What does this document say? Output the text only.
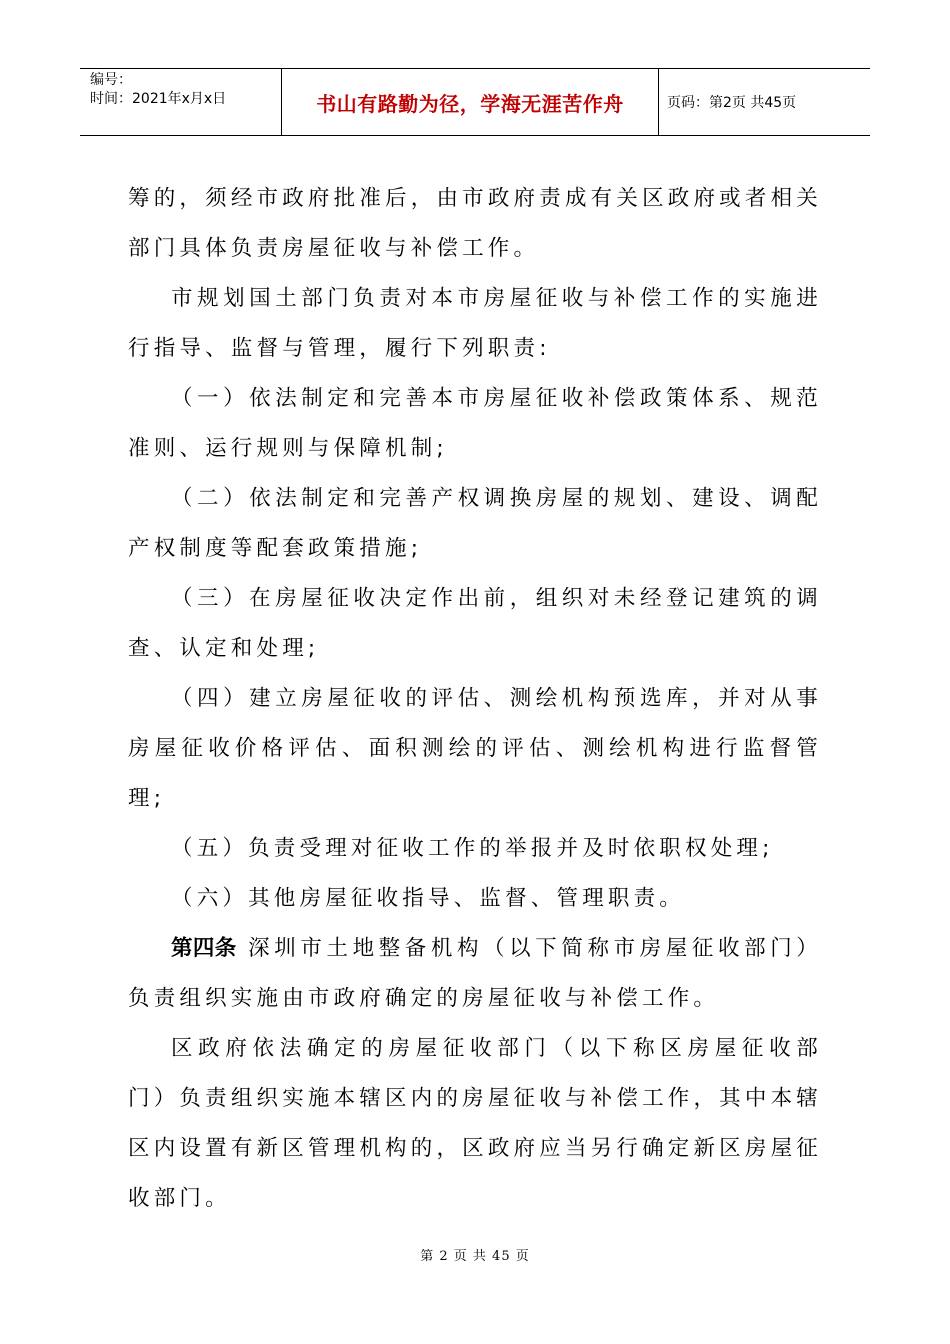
编号：
时间：2021年x月x日	书山有路勤为径，学海无涯苦作舟	页码：第2页 共45页

筹的，须经市政府批准后，由市政府责成有关区政府或者相关部门具体负责房屋征收与补偿工作。

市规划国土部门负责对本市房屋征收与补偿工作的实施进行指导、监督与管理，履行下列职责:

（一）依法制定和完善本市房屋征收补偿政策体系、规范准则、运行规则与保障机制;

（二）依法制定和完善产权调换房屋的规划、建设、调配产权制度等配套政策措施;

（三）在房屋征收决定作出前，组织对未经登记建筑的调查、认定和处理;

（四）建立房屋征收的评估、测绘机构预选库，并对从事房屋征收价格评估、面积测绘的评估、测绘机构进行监督管理;

（五）负责受理对征收工作的举报并及时依职权处理;

（六）其他房屋征收指导、监督、管理职责。

第四条 深圳市土地整备机构（以下简称市房屋征收部门）负责组织实施由市政府确定的房屋征收与补偿工作。

区政府依法确定的房屋征收部门（以下称区房屋征收部门）负责组织实施本辖区内的房屋征收与补偿工作，其中本辖区内设置有新区管理机构的，区政府应当另行确定新区房屋征收部门。

第 2 页 共 45 页
